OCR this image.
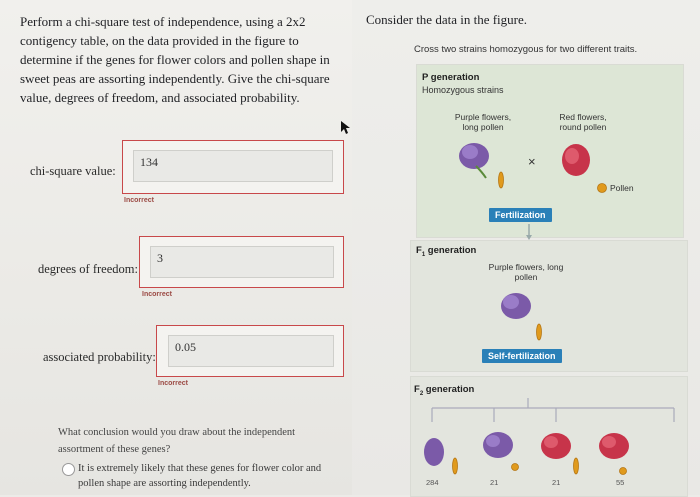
Perform a chi-square test of independence, using a 2x2 contigency table, on the data provided in the figure to determine if the genes for flower colors and pollen shape in sweet peas are assorting independently. Give the chi-square value, degrees of freedom, and associated probability.
chi-square value:
134
Incorrect
degrees of freedom:
3
Incorrect
associated probability:
0.05
Incorrect
What conclusion would you draw about the independent assortment of these genes?
It is extremely likely that these genes for flower color and pollen shape are assorting independently.
Consider the data in the figure.
Cross two strains homozygous for two different traits.
P generation
Homozygous strains
Purple flowers, long pollen
Red flowers, round pollen
×
Pollen
Fertilization
$F_1$ generation
Purple flowers, long pollen
Self-fertilization
$F_2$ generation
284	21	21	55
